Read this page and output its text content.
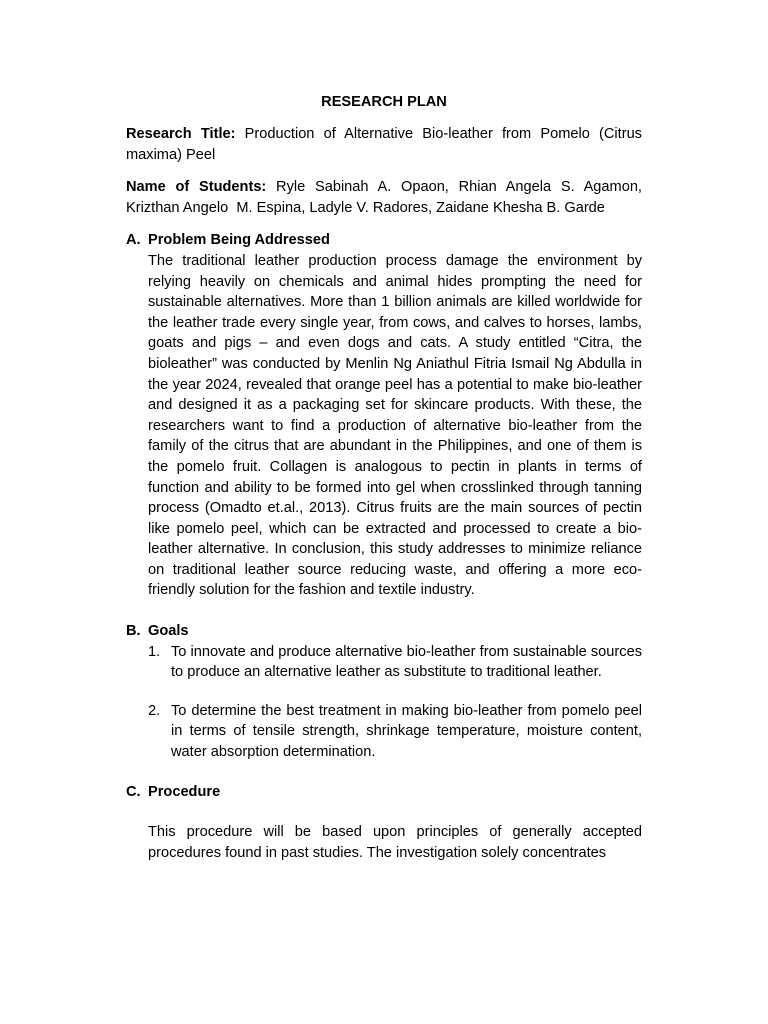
RESEARCH PLAN
Research Title: Production of Alternative Bio-leather from Pomelo (Citrus maxima) Peel
Name of Students: Ryle Sabinah A. Opaon, Rhian Angela S. Agamon, Krizthan Angelo  M. Espina, Ladyle V. Radores, Zaidane Khesha B. Garde
A. Problem Being Addressed

The traditional leather production process damage the environment by relying heavily on chemicals and animal hides prompting the need for sustainable alternatives. More than 1 billion animals are killed worldwide for the leather trade every single year, from cows, and calves to horses, lambs, goats and pigs – and even dogs and cats. A study entitled “Citra, the bioleather” was conducted by Menlin Ng Aniathul Fitria Ismail Ng Abdulla in the year 2024, revealed that orange peel has a potential to make bio-leather and designed it as a packaging set for skincare products. With these, the researchers want to find a production of alternative bio-leather from the family of the citrus that are abundant in the Philippines, and one of them is the pomelo fruit. Collagen is analogous to pectin in plants in terms of function and ability to be formed into gel when crosslinked through tanning process (Omadto et.al., 2013). Citrus fruits are the main sources of pectin like pomelo peel, which can be extracted and processed to create a bio-leather alternative. In conclusion, this study addresses to minimize reliance on traditional leather source reducing waste, and offering a more eco-friendly solution for the fashion and textile industry.

B. Goals
1. To innovate and produce alternative bio-leather from sustainable sources to produce an alternative leather as substitute to traditional leather.
2. To determine the best treatment in making bio-leather from pomelo peel in terms of tensile strength, shrinkage temperature, moisture content, water absorption determination.
C. Procedure

This procedure will be based upon principles of generally accepted procedures found in past studies. The investigation solely concentrates
